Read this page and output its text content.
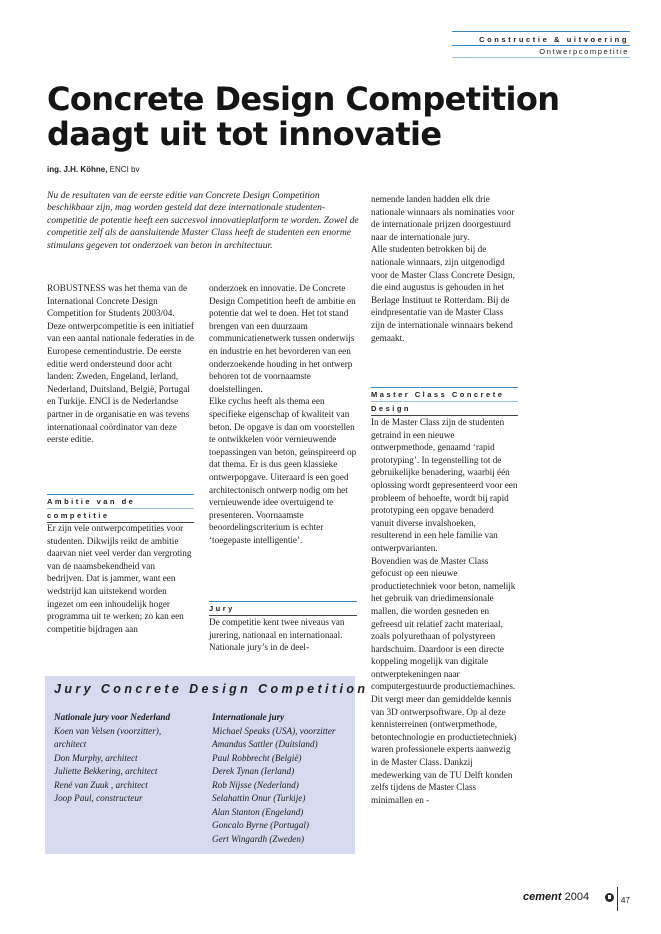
Constructie & uitvoering
Ontwerpcompetitie
Concrete Design Competition
daagt uit tot innovatie
ing. J.H. Köhne, ENCI bv

Nu de resultaten van de eerste editie van Concrete Design Competition beschikbaar zijn, mag worden gesteld dat deze internationale studenten-competitie de potentie heeft een succesvol innovatieplatform te worden. Zowel de competitie zelf als de aansluitende Master Class heeft de studenten een enorme stimulans gegeven tot onderzoek van beton in architectuur.

ROBUSTNESS was het thema van de International Concrete Design Competition for Students 2003/04. Deze ontwerpcompetitie is een initiatief van een aantal nationale federaties in de Europese cementindustrie. De eerste editie werd ondersteund door acht landen: Zweden, Engeland, Ierland, Nederland, Duitsland, België, Portugal en Turkije. ENCI is de Nederlandse partner in de organisatie en was tevens internationaal coördinator van deze eerste editie.

Ambitie van de
competitie

Er zijn vele ontwerpcompetities voor studenten. Dikwijls reikt de ambitie daarvan niet veel verder dan vergroting van de naamsbekendheid van bedrijven. Dat is jammer, want een wedstrijd kan uitstekend worden ingezet om een inhoudelijk hoger programma uit te werken; zo kan een competitie bijdragen aan

onderzoek en innovatie. De Concrete Design Competition heeft de ambitie en potentie dat wel te doen. Het tot stand brengen van een duurzaam communicatienetwerk tussen onderwijs en industrie en het bevorderen van een onderzoekende houding in het ontwerp behoren tot de voornaamste doelstellingen.

Elke cyclus heeft als thema een specifieke eigenschap of kwaliteit van beton. De opgave is dan om voorstellen te ontwikkelen voor vernieuwende toepassingen van beton, geïnspireerd op dat thema. Er is dus geen klassieke ontwerpopgave. Uiteraard is een goed architectonisch ontwerp nodig om het vernieuwende idee overtuigend te presenteren. Voornaamste beoordelingscriterium is echter ‘toegepaste intelligentie’.

Jury

De competitie kent twee niveaus van jurering, nationaal en internationaal. Nationale jury’s in de deel-

nemende landen hadden elk drie nationale winnaars als nominaties voor de internationale prijzen doorgestuurd naar de internationale jury.

Alle studenten betrokken bij de nationale winnaars, zijn uitgenodigd voor de Master Class Concrete Design, die eind augustus is gehouden in het Berlage Instituut te Rotterdam. Bij de eindpresentatie van de Master Class zijn de internationale winnaars bekend gemaakt.

Master Class Concrete
Design

In de Master Class zijn de studenten getraind in een nieuwe ontwerpmethode, genaamd ‘rapid prototyping’. In tegenstelling tot de gebruikelijke benadering, waarbij één oplossing wordt gepresenteerd voor een probleem of behoefte, wordt bij rapid prototyping een opgave benaderd vanuit diverse invalshoeken, resulterend in een hele familie van ontwerpvarianten.

Bovendien was de Master Class gefocust op een nieuwe productietechniek voor beton, namelijk het gebruik van driedimensionale mallen, die worden gesneden en gefreesd uit relatief zacht materiaal, zoals polyurethaan of polystyreen hardschuim. Daardoor is een directe koppeling mogelijk van digitale ontwerptekeningen naar computergestuurde productiemachines. Dit vergt meer dan gemiddelde kennis van 3D ontwerpsoftware. Op al deze kennisterreinen (ontwerpmethode, betontechnologie en productietechniek) waren professionele experts aanwezig in de Master Class. Dankzij medewerking van de TU Delft konden zelfs tijdens de Master Class minimallen en -

Jury Concrete Design Competition
Nationale jury voor Nederland
Koen van Velsen (voorzitter),
architect
Don Murphy, architect
Juliette Bekkering, architect
René van Zuuk , architect
Joop Paul, constructeur
Internationale jury
Michael Speaks (USA), voorzitter
Amandus Sattler (Duitsland)
Paul Robbrecht (België)
Derek Tynan (Ierland)
Rob Nijsse (Nederland)
Selahattin Onur (Turkije)
Alan Stanton (Engeland)
Goncalo Byrne (Portugal)
Gert Wingardh (Zweden)
cement 2004	47
